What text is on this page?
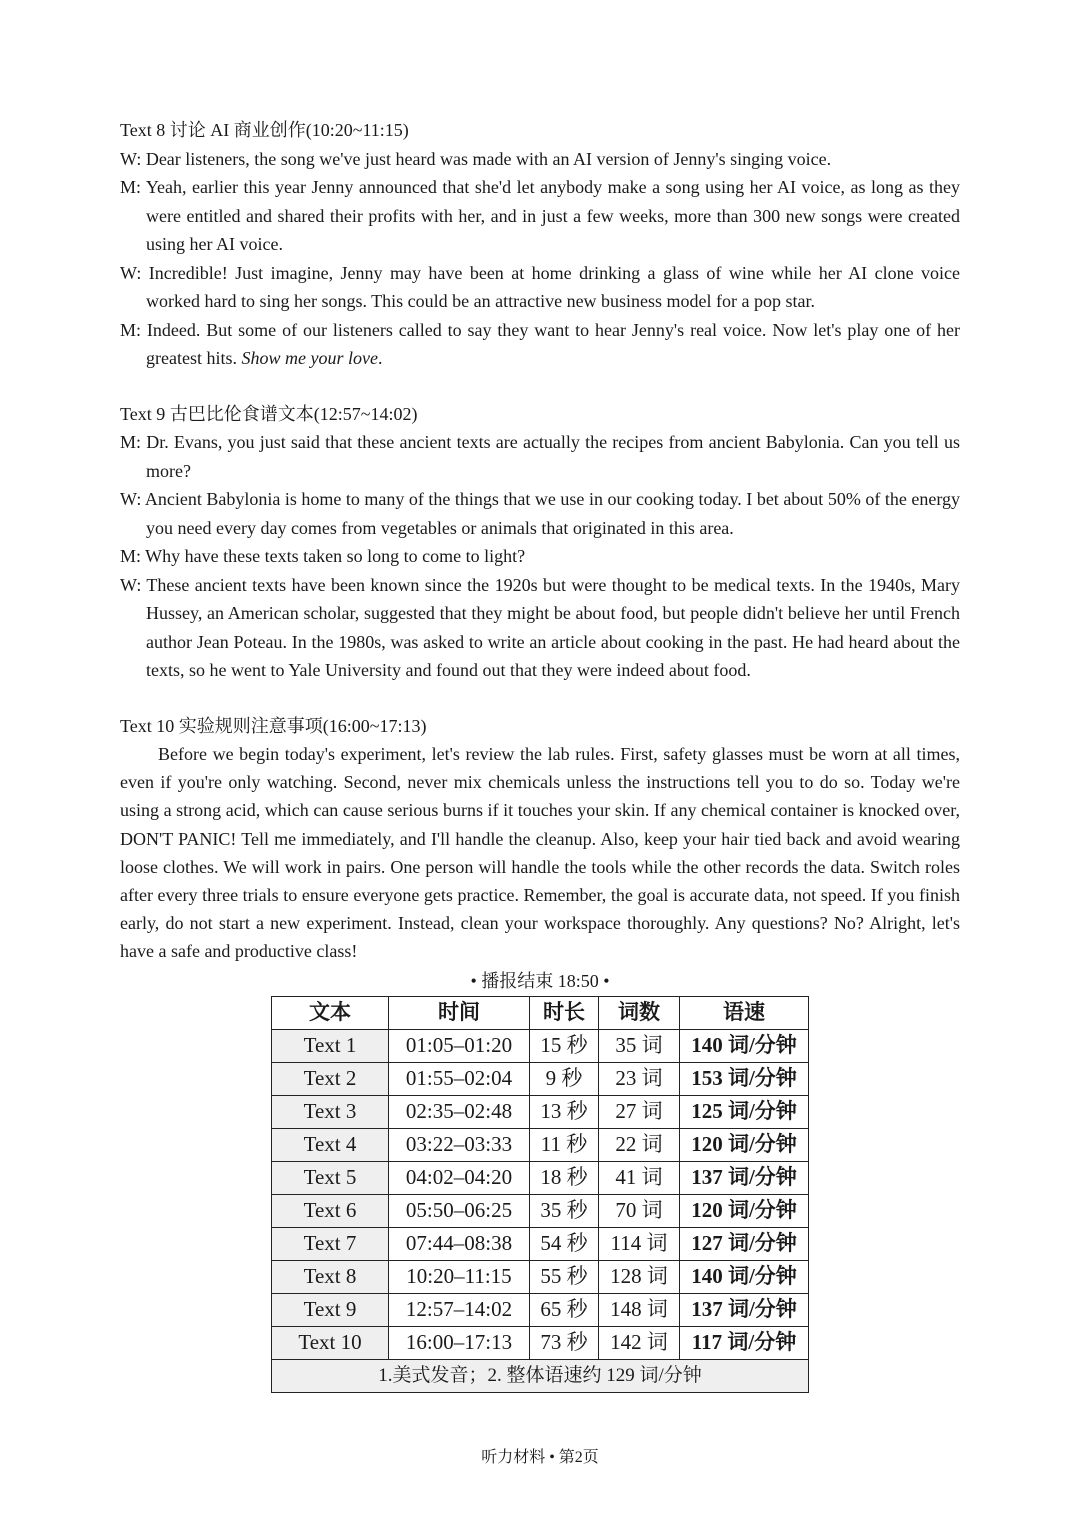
Text 8 讨论 AI 商业创作(10:20~11:15)

W: Dear listeners, the song we've just heard was made with an AI version of Jenny's singing voice.

M: Yeah, earlier this year Jenny announced that she'd let anybody make a song using her AI voice, as long as they were entitled and shared their profits with her, and in just a few weeks, more than 300 new songs were created using her AI voice.

W: Incredible! Just imagine, Jenny may have been at home drinking a glass of wine while her AI clone voice worked hard to sing her songs. This could be an attractive new business model for a pop star.

M: Indeed. But some of our listeners called to say they want to hear Jenny's real voice. Now let's play one of her greatest hits. Show me your love.

Text 9 古巴比伦食谱文本(12:57~14:02)

M: Dr. Evans, you just said that these ancient texts are actually the recipes from ancient Babylonia. Can you tell us more?

W: Ancient Babylonia is home to many of the things that we use in our cooking today. I bet about 50% of the energy you need every day comes from vegetables or animals that originated in this area.

M: Why have these texts taken so long to come to light?

W: These ancient texts have been known since the 1920s but were thought to be medical texts. In the 1940s, Mary Hussey, an American scholar, suggested that they might be about food, but people didn't believe her until French author Jean Poteau. In the 1980s, was asked to write an article about cooking in the past. He had heard about the texts, so he went to Yale University and found out that they were indeed about food.

Text 10 实验规则注意事项(16:00~17:13)

Before we begin today's experiment, let's review the lab rules. First, safety glasses must be worn at all times, even if you're only watching. Second, never mix chemicals unless the instructions tell you to do so. Today we're using a strong acid, which can cause serious burns if it touches your skin. If any chemical container is knocked over, DON'T PANIC! Tell me immediately, and I'll handle the cleanup. Also, keep your hair tied back and avoid wearing loose clothes. We will work in pairs. One person will handle the tools while the other records the data. Switch roles after every three trials to ensure everyone gets practice. Remember, the goal is accurate data, not speed. If you finish early, do not start a new experiment. Instead, clean your workspace thoroughly. Any questions? No? Alright, let's have a safe and productive class!

• 播报结束 18:50 •

文本	时间	时长	词数	语速
Text 1	01:05–01:20	15 秒	35 词	140 词/分钟
Text 2	01:55–02:04	9 秒	23 词	153 词/分钟
Text 3	02:35–02:48	13 秒	27 词	125 词/分钟
Text 4	03:22–03:33	11 秒	22 词	120 词/分钟
Text 5	04:02–04:20	18 秒	41 词	137 词/分钟
Text 6	05:50–06:25	35 秒	70 词	120 词/分钟
Text 7	07:44–08:38	54 秒	114 词	127 词/分钟
Text 8	10:20–11:15	55 秒	128 词	140 词/分钟
Text 9	12:57–14:02	65 秒	148 词	137 词/分钟
Text 10	16:00–17:13	73 秒	142 词	117 词/分钟
1.美式发音；2. 整体语速约 129 词/分钟				
听力材料 • 第2页
